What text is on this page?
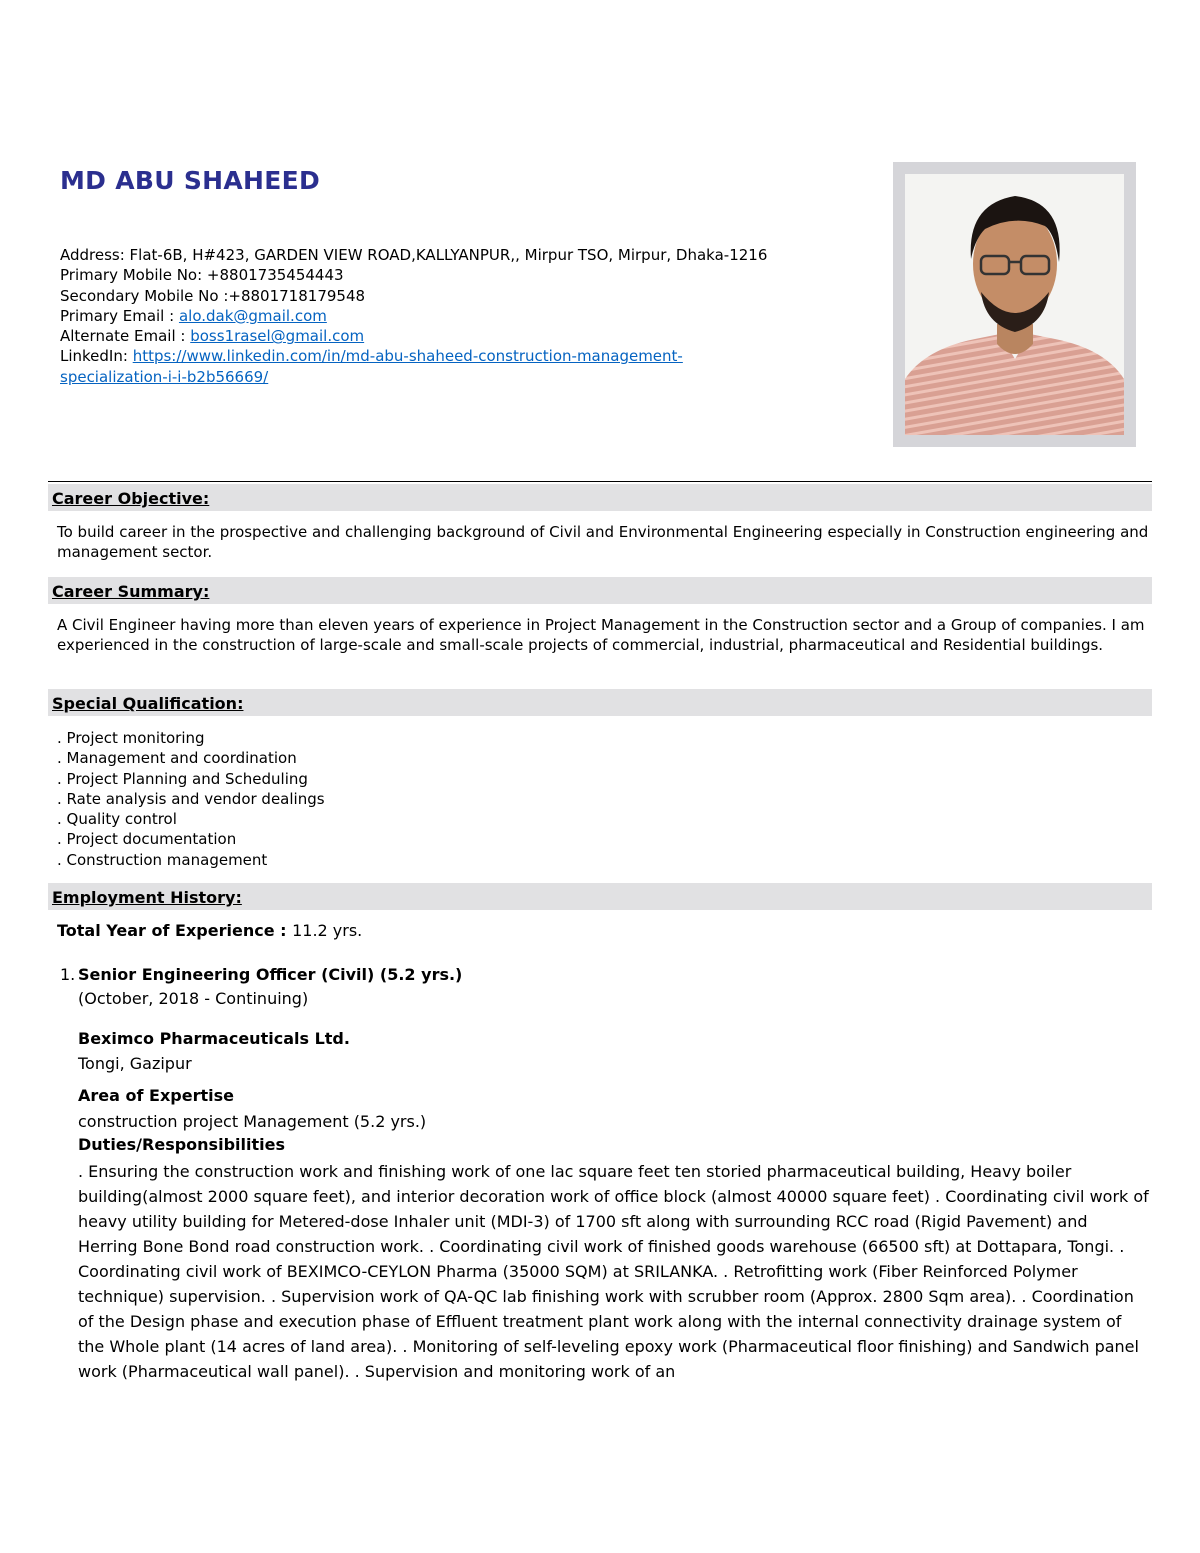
MD ABU SHAHEED
Address: Flat-6B, H#423, GARDEN VIEW ROAD,KALLYANPUR,, Mirpur TSO, Mirpur, Dhaka-1216
Primary Mobile No: +8801735454443
Secondary Mobile No :+8801718179548
Primary Email : alo.dak@gmail.com
Alternate Email : boss1rasel@gmail.com
LinkedIn: https://www.linkedin.com/in/md-abu-shaheed-construction-management-
specialization-i-i-b2b56669/
Career Objective:
To build career in the prospective and challenging background of Civil and Environmental Engineering especially in Construction engineering and management sector.
Career Summary:
A Civil Engineer having more than eleven years of experience in Project Management in the Construction sector and a Group of companies. I am experienced in the construction of large-scale and small-scale projects of commercial, industrial, pharmaceutical and Residential buildings.
Special Qualification:
. Project monitoring
. Management and coordination
. Project Planning and Scheduling
. Rate analysis and vendor dealings
. Quality control
. Project documentation
. Construction management
Employment History:
Total Year of Experience : 11.2 yrs.
1. Senior Engineering Officer (Civil) (5.2 yrs.)
(October, 2018 - Continuing)
Beximco Pharmaceuticals Ltd.
Tongi, Gazipur
Area of Expertise
construction project Management (5.2 yrs.)
Duties/Responsibilities
. Ensuring the construction work and finishing work of one lac square feet ten storied pharmaceutical building, Heavy boiler building(almost 2000 square feet), and interior decoration work of office block (almost 40000 square feet) . Coordinating civil work of heavy utility building for Metered-dose Inhaler unit (MDI-3) of 1700 sft along with surrounding RCC road (Rigid Pavement) and Herring Bone Bond road construction work. . Coordinating civil work of finished goods warehouse (66500 sft) at Dottapara, Tongi. . Coordinating civil work of BEXIMCO-CEYLON Pharma (35000 SQM) at SRILANKA. . Retrofitting work (Fiber Reinforced Polymer technique) supervision. . Supervision work of QA-QC lab finishing work with scrubber room (Approx. 2800 Sqm area). . Coordination of the Design phase and execution phase of Effluent treatment plant work along with the internal connectivity drainage system of the Whole plant (14 acres of land area). . Monitoring of self-leveling epoxy work (Pharmaceutical floor finishing) and Sandwich panel work (Pharmaceutical wall panel). . Supervision and monitoring work of an
